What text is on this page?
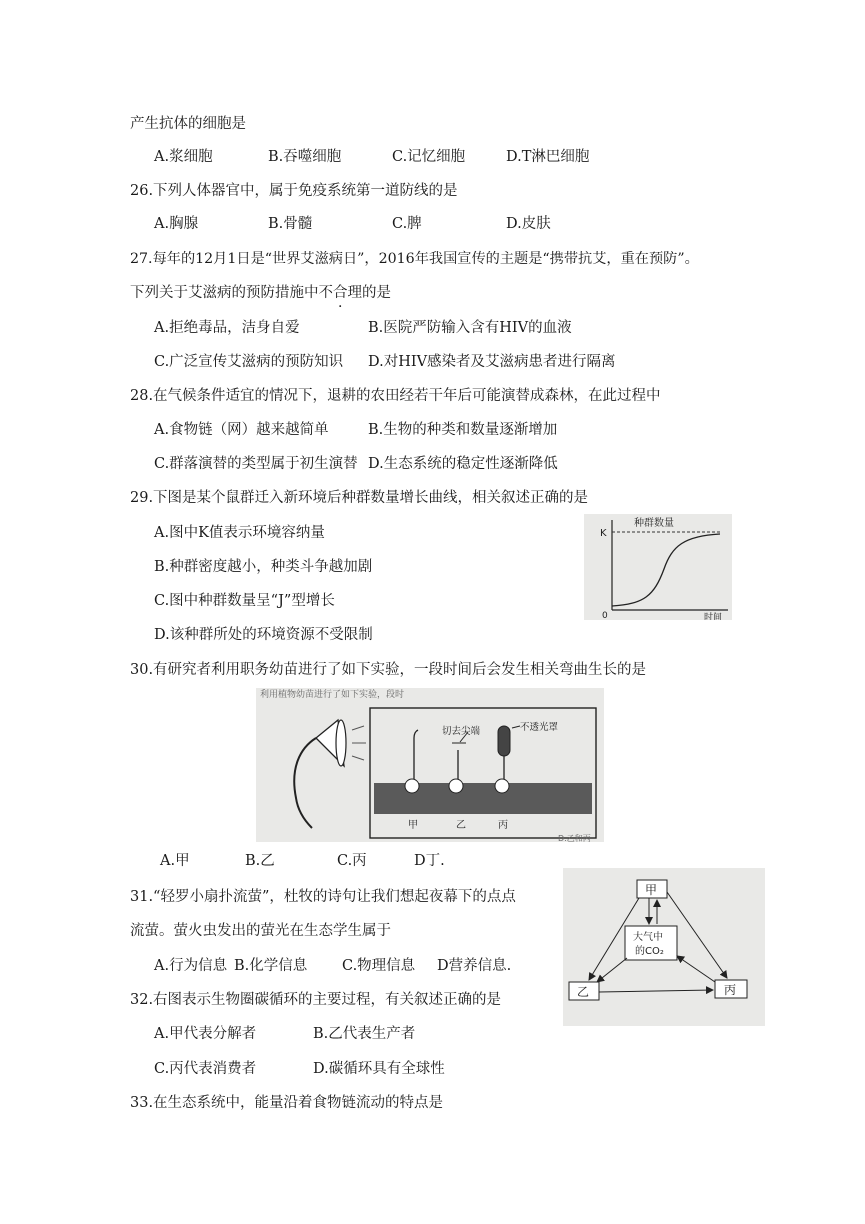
产生抗体的细胞是
A.浆细胞	B.吞噬细胞	C.记忆细胞	D.T淋巴细胞
26.下列人体器官中，属于免疫系统第一道防线的是
A.胸腺	B.骨髓	C.脾	D.皮肤
27.每年的12月1日是“世界艾滋病日”，2016年我国宣传的主题是“携带抗艾，重在预防”。
下列关于艾滋病的预防措施中不合理的是
A.拒绝毒品，洁身自爱	B.医院严防输入含有HIV的血液
C.广泛宣传艾滋病的预防知识 D.对HIV感染者及艾滋病患者进行隔离
28.在气候条件适宜的情况下，退耕的农田经若干年后可能演替成森林，在此过程中
A.食物链（网）越来越简单	B.生物的种类和数量逐渐增加
C.群落演替的类型属于初生演替 D.生态系统的稳定性逐渐降低
29.下图是某个鼠群迁入新环境后种群数量增长曲线，相关叙述正确的是
A.图中K值表示环境容纳量
B.种群密度越小，种类斗争越加剧
C.图中种群数量呈“J”型增长
D.该种群所处的环境资源不受限制
种群数量
K
0	时间
30.有研究者利用职务幼苗进行了如下实验，一段时间后会发生相关弯曲生长的是
利用植物幼苗进行了如下实验，段时
切去尖端	不透光罩
甲	乙	丙
D.乙和丙
A.甲	B.乙	C.丙	D丁.
31.“轻罗小扇扑流萤”，杜牧的诗句让我们想起夜幕下的点点
流萤。萤火虫发出的萤光在生态学生属于
A.行为信息 B.化学信息 C.物理信息 D营养信息.
甲
大气中
的CO₂
乙	丙
32.右图表示生物圈碳循环的主要过程，有关叙述正确的是
A.甲代表分解者	B.乙代表生产者
C.丙代表消费者	D.碳循环具有全球性
33.在生态系统中，能量沿着食物链流动的特点是
